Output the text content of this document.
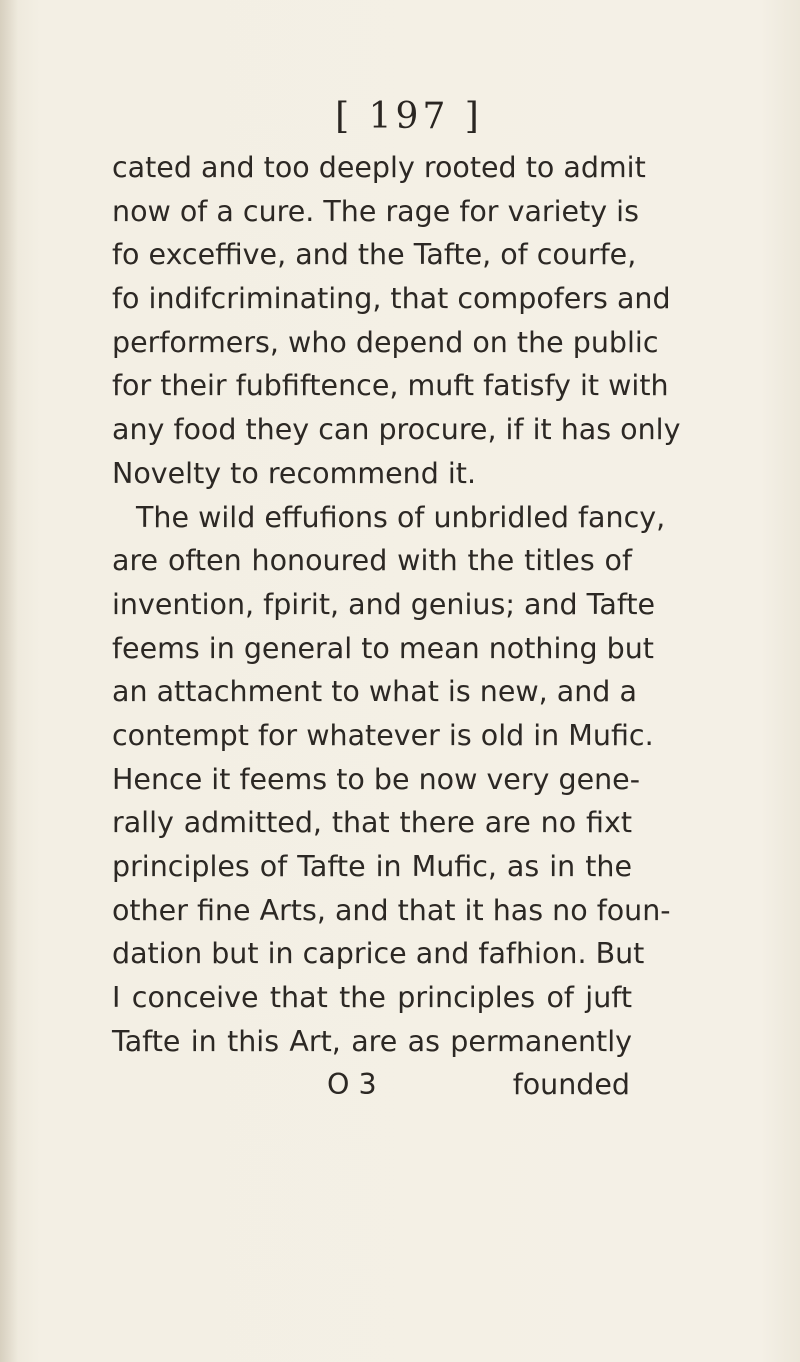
[ 197 ]
cated and too deeply rooted to admit
now of a cure. The rage for variety is
fo exceffive, and the Tafte, of courfe,
fo indifcriminating, that compofers and
performers, who depend on the public
for their fubfiftence, muft fatisfy it with
any food they can procure, if it has only
Novelty to recommend it.
The wild effufions of unbridled fancy,
are often honoured with the titles of
invention, fpirit, and genius; and Tafte
feems in general to mean nothing but
an attachment to what is new, and a
contempt for whatever is old in Mufic.
Hence it feems to be now very gene-
rally admitted, that there are no fixt
principles of Tafte in Mufic, as in the
other fine Arts, and that it has no foun-
dation but in caprice and fafhion. But
I conceive that the principles of juft
Tafte in this Art, are as permanently
O 3	founded
